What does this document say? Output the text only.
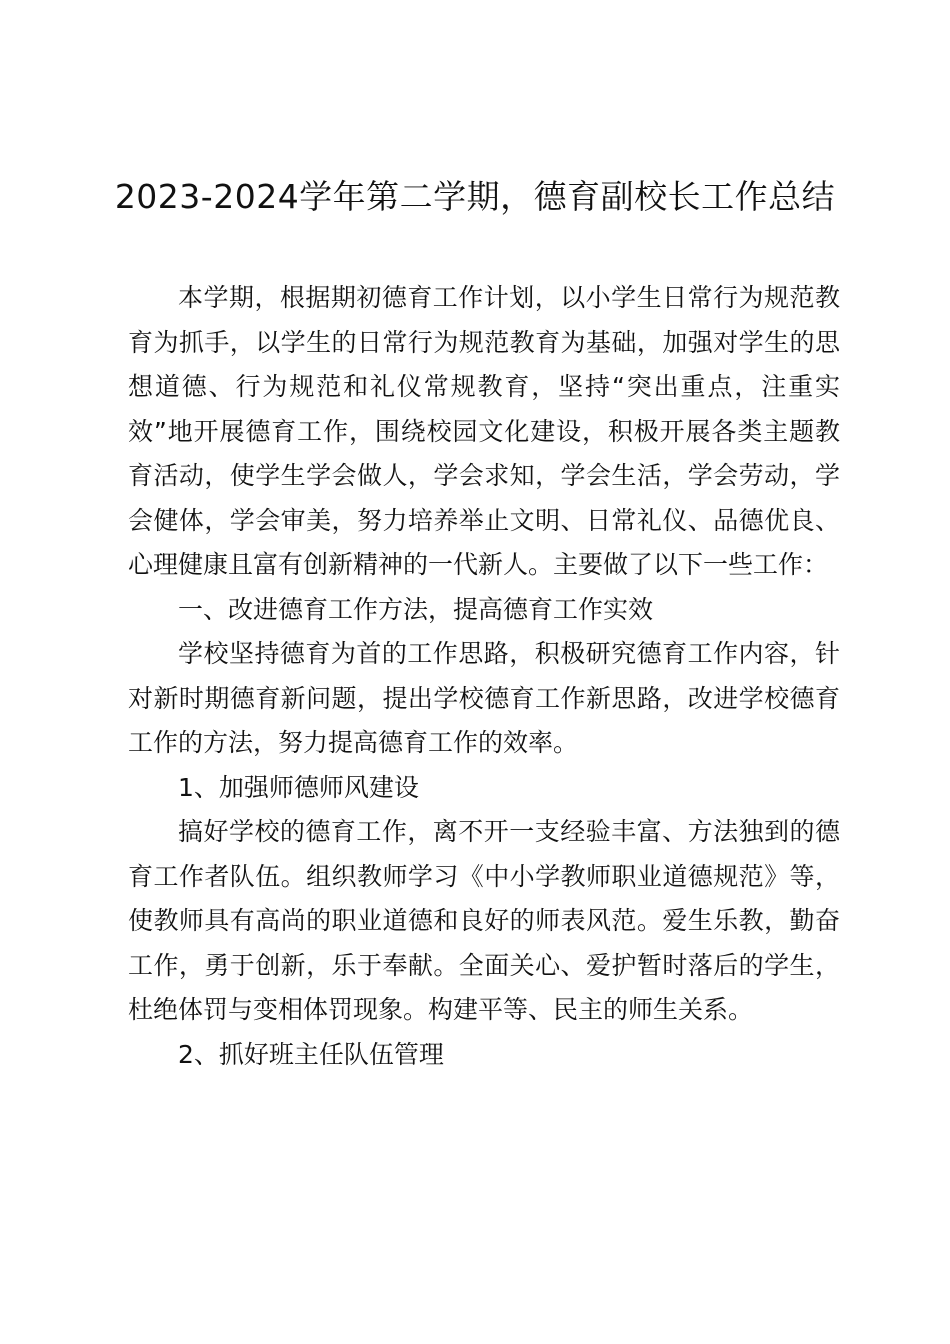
2023-2024学年第二学期，德育副校长工作总结

本学期，根据期初德育工作计划，以小学生日常行为规范教育为抓手，以学生的日常行为规范教育为基础，加强对学生的思想道德、行为规范和礼仪常规教育，坚持“突出重点，注重实效”地开展德育工作，围绕校园文化建设，积极开展各类主题教育活动，使学生学会做人，学会求知，学会生活，学会劳动，学会健体，学会审美，努力培养举止文明、日常礼仪、品德优良、心理健康且富有创新精神的一代新人。主要做了以下一些工作：

一、改进德育工作方法，提高德育工作实效

学校坚持德育为首的工作思路，积极研究德育工作内容，针对新时期德育新问题，提出学校德育工作新思路，改进学校德育工作的方法，努力提高德育工作的效率。

1、加强师德师风建设

搞好学校的德育工作，离不开一支经验丰富、方法独到的德育工作者队伍。组织教师学习《中小学教师职业道德规范》等，使教师具有高尚的职业道德和良好的师表风范。爱生乐教，勤奋工作，勇于创新，乐于奉献。全面关心、爱护暂时落后的学生，杜绝体罚与变相体罚现象。构建平等、民主的师生关系。

2、抓好班主任队伍管理
